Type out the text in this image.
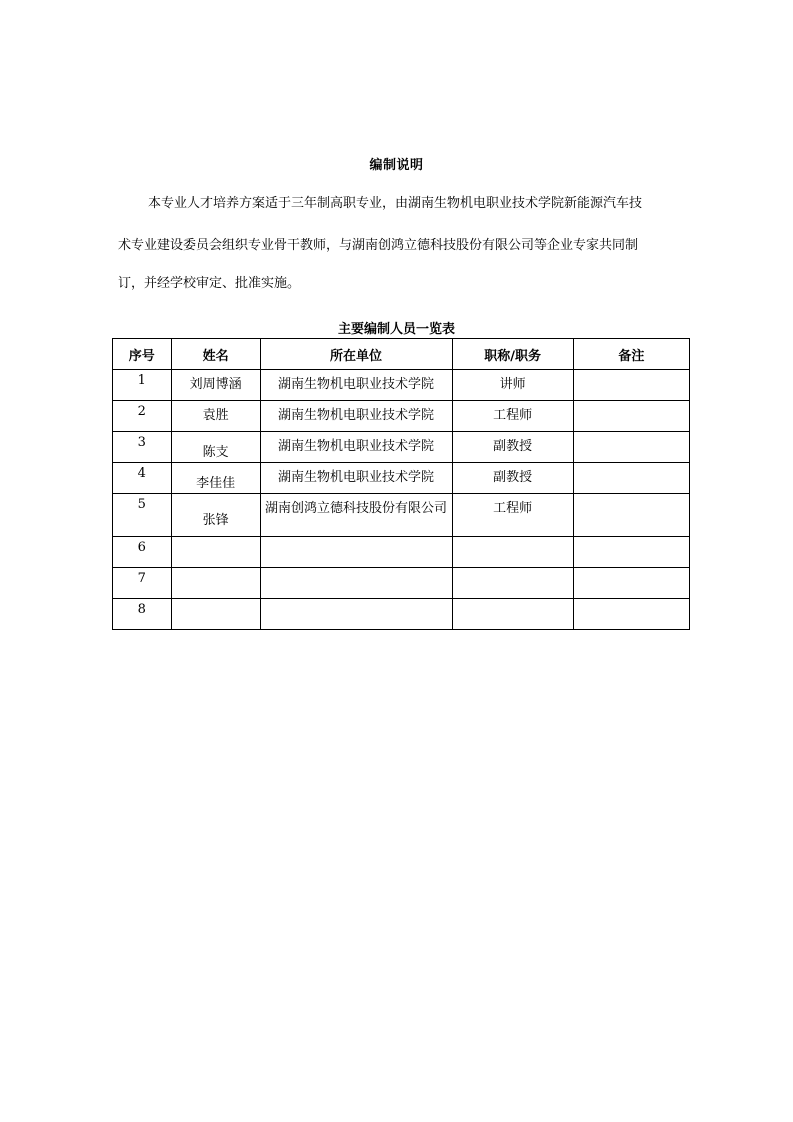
编制说明
本专业人才培养方案适于三年制高职专业，由湖南生物机电职业技术学院新能源汽车技
术专业建设委员会组织专业骨干教师，与湖南创鸿立德科技股份有限公司等企业专家共同制
订，并经学校审定、批准实施。
主要编制人员一览表
序号	姓名	所在单位	职称/职务	备注
1	刘周博涵	湖南生物机电职业技术学院	讲师	
2	袁胜	湖南生物机电职业技术学院	工程师	
3	陈支	湖南生物机电职业技术学院	副教授	
4	李佳佳	湖南生物机电职业技术学院	副教授	
5	张锋	湖南创鸿立德科技股份有限公司	工程师	
6				
7				
8				
